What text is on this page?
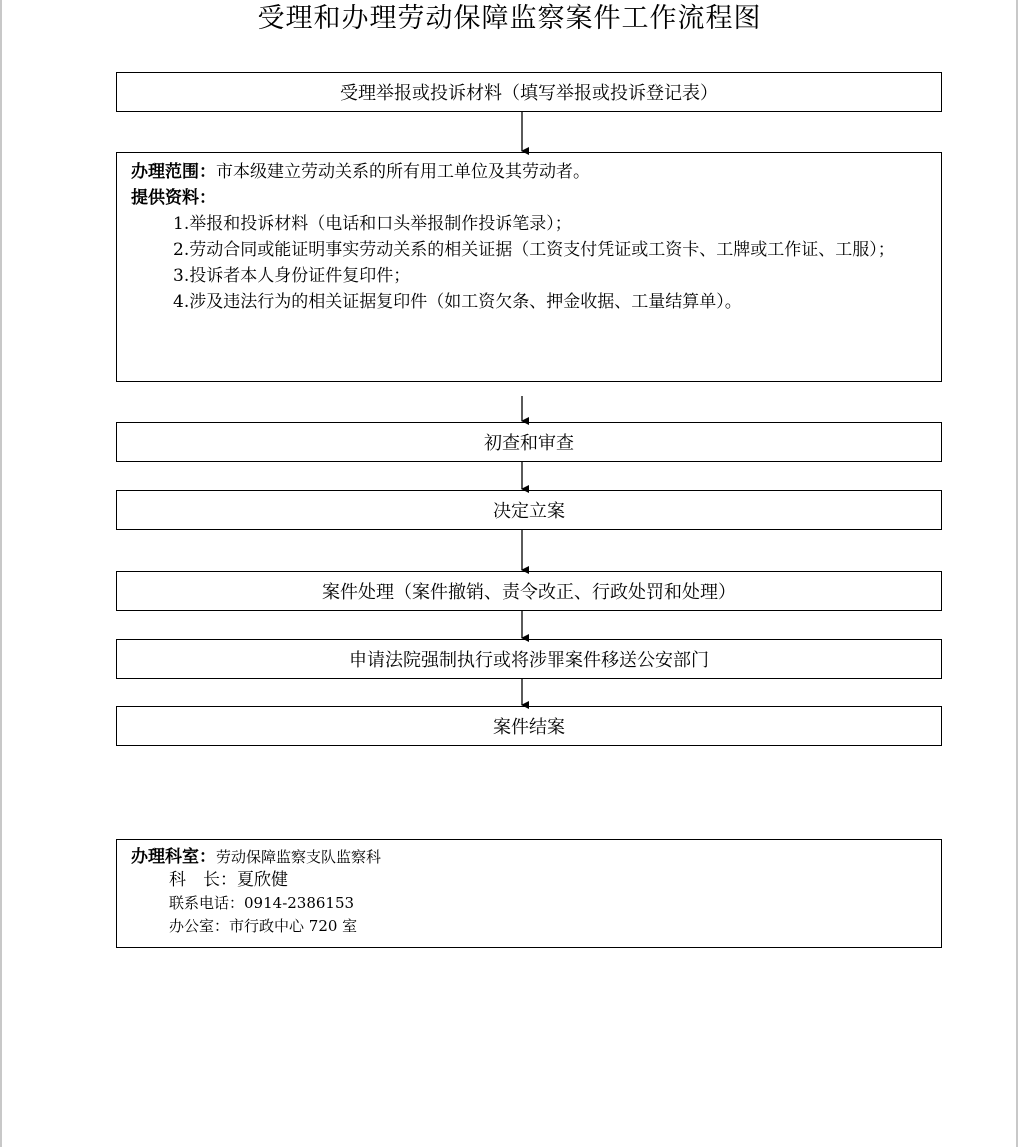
受理和办理劳动保障监察案件工作流程图
受理举报或投诉材料（填写举报或投诉登记表）

办理范围：市本级建立劳动关系的所有用工单位及其劳动者。

提供资料：

1.举报和投诉材料（电话和口头举报制作投诉笔录）；

2.劳动合同或能证明事实劳动关系的相关证据（工资支付凭证或工资卡、工牌或工作证、工服）；

3.投诉者本人身份证件复印件；

4.涉及违法行为的相关证据复印件（如工资欠条、押金收据、工量结算单）。

初查和审查
决定立案
案件处理（案件撤销、责令改正、行政处罚和处理）
申请法院强制执行或将涉罪案件移送公安部门
案件结案

办理科室：劳动保障监察支队监察科

科　长：夏欣健

联系电话：0914-2386153

办公室：市行政中心 720 室
